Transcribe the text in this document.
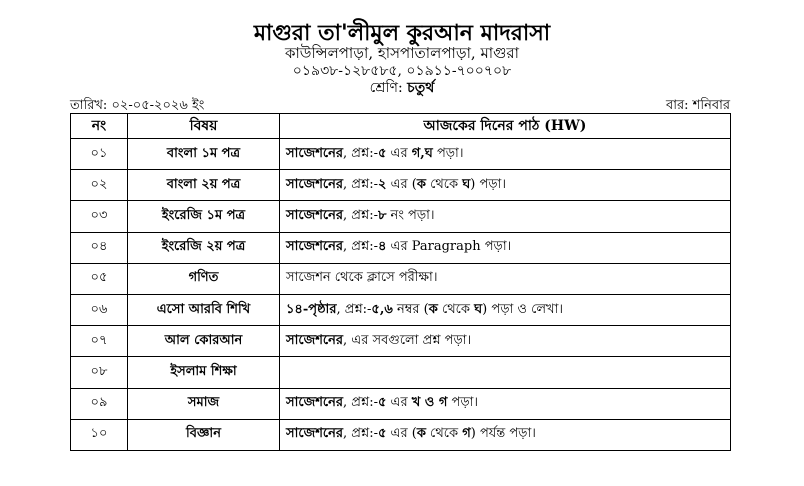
মাগুরা তা'লীমুল কুরআন মাদরাসা
কাউন্সিলপাড়া, হাসপাতালপাড়া, মাগুরা
০১৯৩৮-১২৮৫৮৫, ০১৯১১-৭০০৭০৮
শ্রেণি: চতুর্থ
তারিখ: ০২-০৫-২০২৬ ইং	বার: শনিবার
নং	বিষয়	আজকের দিনের পাঠ (HW)
০১	বাংলা ১ম পত্র	সাজেশনের, প্রশ্ন:-৫ এর গ,ঘ পড়া।
০২	বাংলা ২য় পত্র	সাজেশনের, প্রশ্ন:-২ এর (ক থেকে ঘ) পড়া।
০৩	ইংরেজি ১ম পত্র	সাজেশনের, প্রশ্ন:-৮ নং পড়া।
০৪	ইংরেজি ২য় পত্র	সাজেশনের, প্রশ্ন:-৪ এর Paragraph পড়া।
০৫	গণিত	সাজেশন থেকে ক্লাসে পরীক্ষা।
০৬	এসো আরবি শিখি	১৪-পৃষ্ঠার, প্রশ্ন:-৫,৬ নম্বর (ক থেকে ঘ) পড়া ও লেখা।
০৭	আল কোরআন	সাজেশনের, এর সবগুলো প্রশ্ন পড়া।
০৮	ইসলাম শিক্ষা	
০৯	সমাজ	সাজেশনের, প্রশ্ন:-৫ এর খ ও গ পড়া।
১০	বিজ্ঞান	সাজেশনের, প্রশ্ন:-৫ এর (ক থেকে গ) পর্যন্ত পড়া।
